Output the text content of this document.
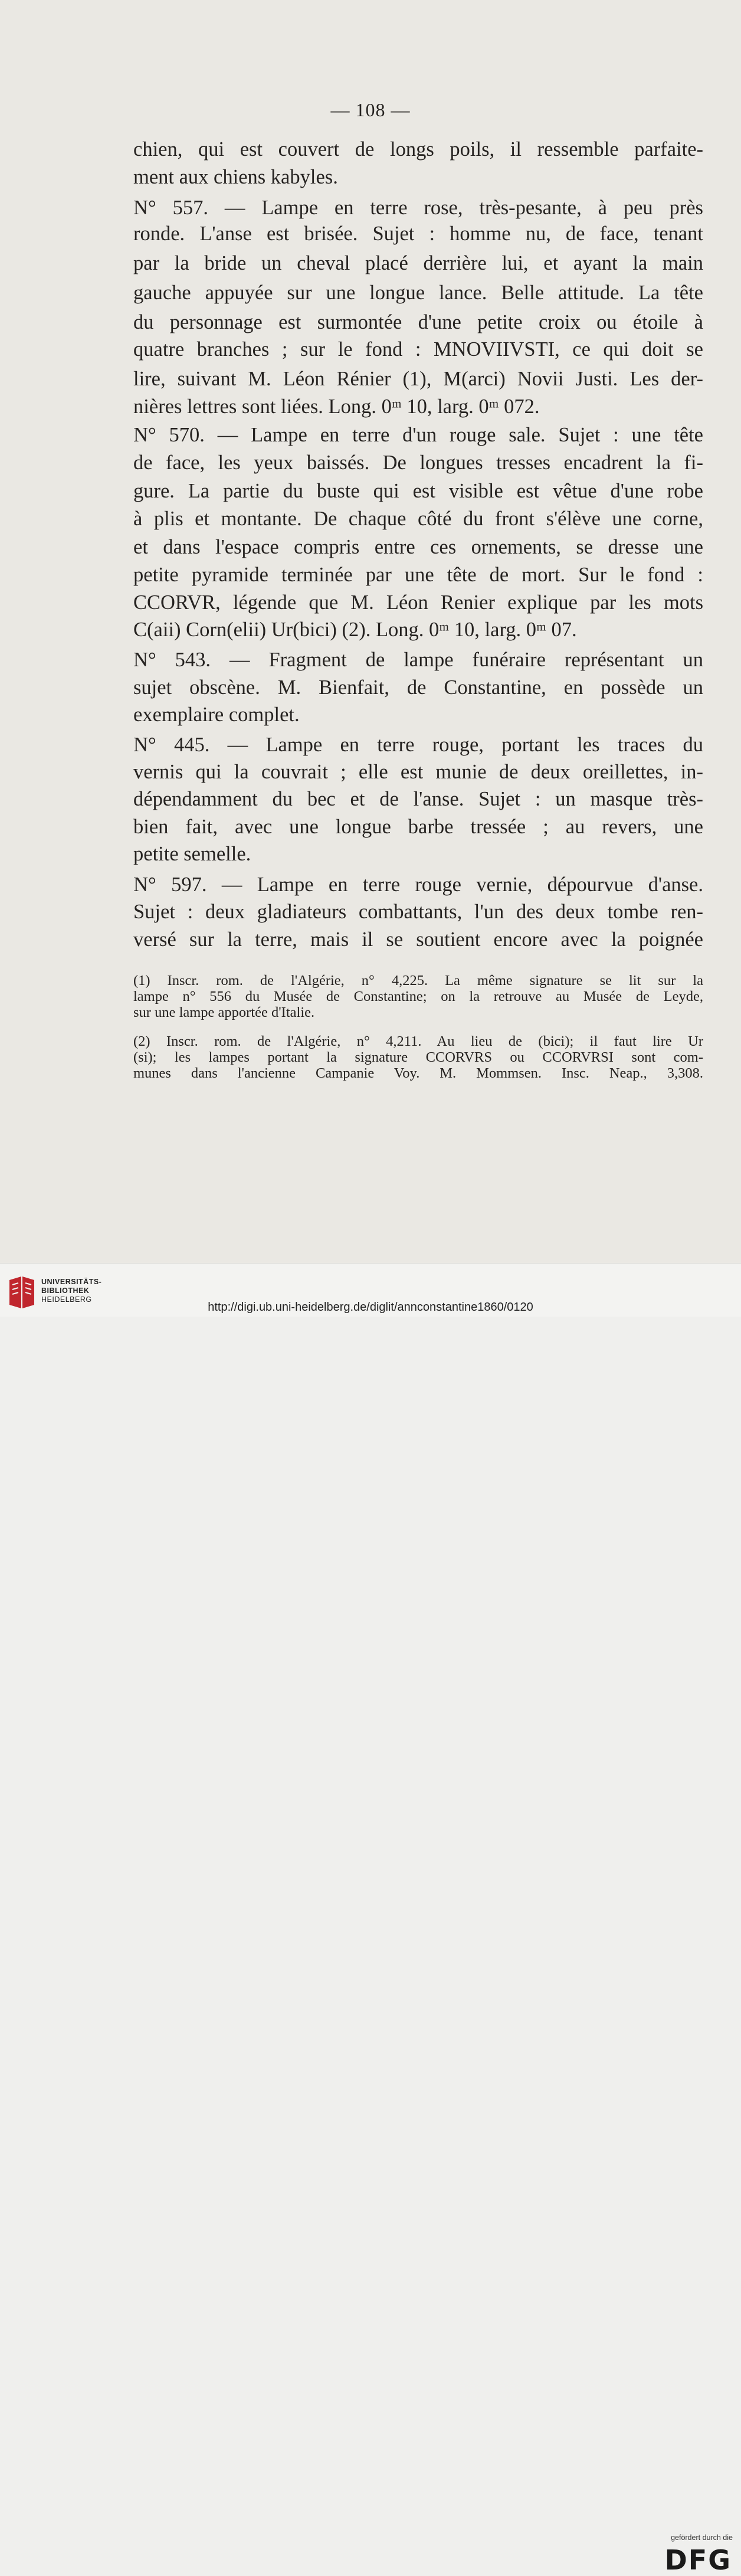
— 108 —
chien, qui est couvert de longs poils, il ressemble parfaite-
ment aux chiens kabyles.
N° 557. — Lampe en terre rose, très-pesante, à peu près
ronde. L'anse est brisée. Sujet : homme nu, de face, tenant
par la bride un cheval placé derrière lui, et ayant la main
gauche appuyée sur une longue lance. Belle attitude. La tête
du personnage est surmontée d'une petite croix ou étoile à
quatre branches ; sur le fond : MNOVIIVSTI, ce qui doit se
lire, suivant M. Léon Rénier (1), M(arci) Novii Justi. Les der-
nières lettres sont liées. Long. 0ᵐ 10, larg. 0ᵐ 072.
N° 570. — Lampe en terre d'un rouge sale. Sujet : une tête
de face, les yeux baissés. De longues tresses encadrent la fi-
gure. La partie du buste qui est visible est vêtue d'une robe
à plis et montante. De chaque côté du front s'élève une corne,
et dans l'espace compris entre ces ornements, se dresse une
petite pyramide terminée par une tête de mort. Sur le fond :
CCORVR, légende que M. Léon Renier explique par les mots
C(aii) Corn(elii) Ur(bici) (2). Long. 0ᵐ 10, larg. 0ᵐ 07.
N° 543. — Fragment de lampe funéraire représentant un
sujet obscène. M. Bienfait, de Constantine, en possède un
exemplaire complet.
N° 445. — Lampe en terre rouge, portant les traces du
vernis qui la couvrait ; elle est munie de deux oreillettes, in-
dépendamment du bec et de l'anse. Sujet : un masque très-
bien fait, avec une longue barbe tressée ; au revers, une
petite semelle.
N° 597. — Lampe en terre rouge vernie, dépourvue d'anse.
Sujet : deux gladiateurs combattants, l'un des deux tombe ren-
versé sur la terre, mais il se soutient encore avec la poignée
(1) Inscr. rom. de l'Algérie, n° 4,225. La même signature se lit sur la
lampe n° 556 du Musée de Constantine; on la retrouve au Musée de Leyde,
sur une lampe apportée d'Italie.
(2) Inscr. rom. de l'Algérie, n° 4,211. Au lieu de (bici); il faut lire Ur
(si); les lampes portant la signature CCORVRS ou CCORVRSI sont com-
munes dans l'ancienne Campanie Voy. M. Mommsen. Insc. Neap., 3,308.
UNIVERSITÄTS-
BIBLIOTHEK
HEIDELBERG
gefördert durch die
DFG
http://digi.ub.uni-heidelberg.de/diglit/annconstantine1860/0120
